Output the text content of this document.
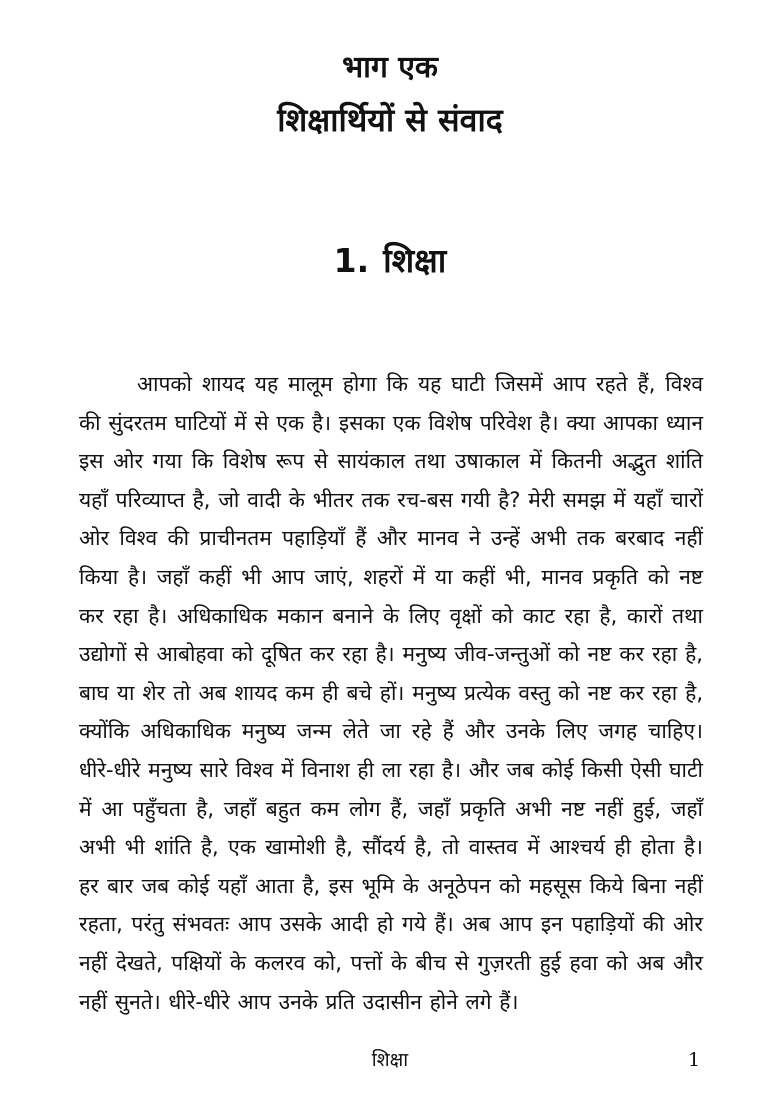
भाग एक
शिक्षार्थियों से संवाद
1. शिक्षा

आपको शायद यह मालूम होगा कि यह घाटी जिसमें आप रहते हैं, विश्व की सुंदरतम घाटियों में से एक है। इसका एक विशेष परिवेश है। क्या आपका ध्यान इस ओर गया कि विशेष रूप से सायंकाल तथा उषाकाल में कितनी अद्भुत शांति यहाँ परिव्याप्त है, जो वादी के भीतर तक रच-बस गयी है? मेरी समझ में यहाँ चारों ओर विश्व की प्राचीनतम पहाड़ियाँ हैं और मानव ने उन्हें अभी तक बरबाद नहीं किया है। जहाँ कहीं भी आप जाएं, शहरों में या कहीं भी, मानव प्रकृति को नष्ट कर रहा है। अधिकाधिक मकान बनाने के लिए वृक्षों को काट रहा है, कारों तथा उद्योगों से आबोहवा को दूषित कर रहा है। मनुष्य जीव-जन्तुओं को नष्ट कर रहा है, बाघ या शेर तो अब शायद कम ही बचे हों। मनुष्य प्रत्येक वस्तु को नष्ट कर रहा है, क्योंकि अधिकाधिक मनुष्य जन्म लेते जा रहे हैं और उनके लिए जगह चाहिए। धीरे-धीरे मनुष्य सारे विश्व में विनाश ही ला रहा है। और जब कोई किसी ऐसी घाटी में आ पहुँचता है, जहाँ बहुत कम लोग हैं, जहाँ प्रकृति अभी नष्ट नहीं हुई, जहाँ अभी भी शांति है, एक खामोशी है, सौंदर्य है, तो वास्तव में आश्चर्य ही होता है। हर बार जब कोई यहाँ आता है, इस भूमि के अनूठेपन को महसूस किये बिना नहीं रहता, परंतु संभवतः आप उसके आदी हो गये हैं। अब आप इन पहाड़ियों की ओर नहीं देखते, पक्षियों के कलरव को, पत्तों के बीच से गुज़रती हुई हवा को अब और नहीं सुनते। धीरे-धीरे आप उनके प्रति उदासीन होने लगे हैं।

शिक्षा	1
